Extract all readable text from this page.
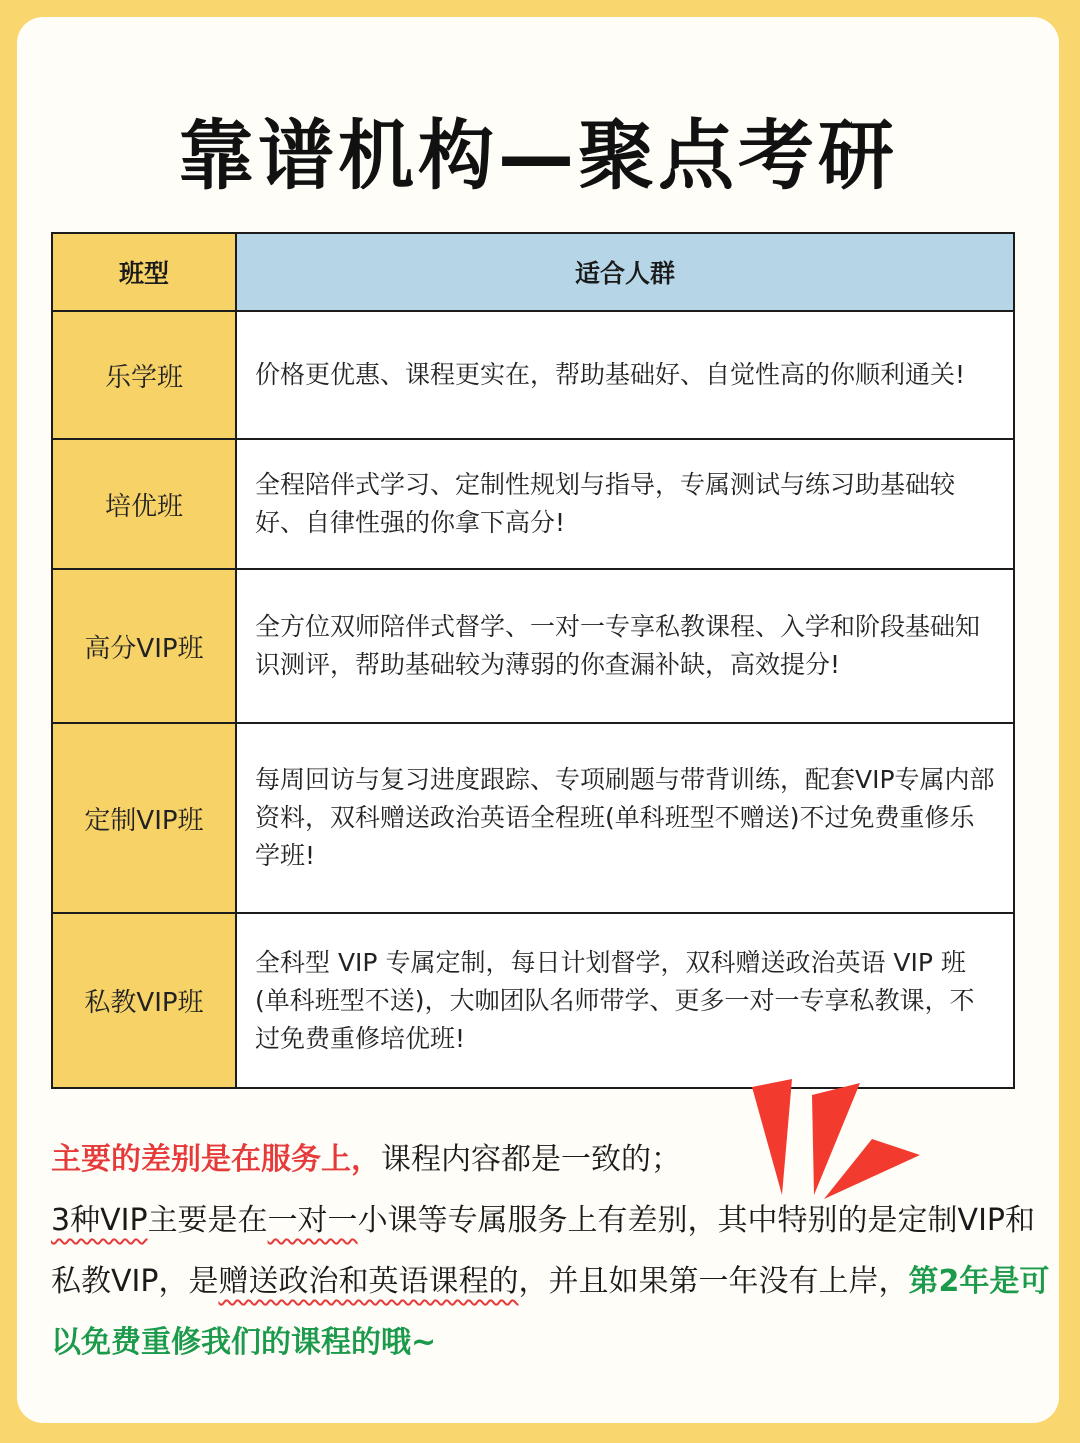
靠谱机构—聚点考研
班型	适合人群
乐学班	价格更优惠、课程更实在，帮助基础好、自觉性高的你顺利通关!
培优班	全程陪伴式学习、定制性规划与指导，专属测试与练习助基础较好、自律性强的你拿下高分!
高分VIP班	全方位双师陪伴式督学、一对一专享私教课程、入学和阶段基础知识测评，帮助基础较为薄弱的你查漏补缺，高效提分!
定制VIP班	每周回访与复习进度跟踪、专项刷题与带背训练，配套VIP专属内部资料，双科赠送政治英语全程班(单科班型不赠送)不过免费重修乐学班!
私教VIP班	全科型 VIP 专属定制，每日计划督学，双科赠送政治英语 VIP 班(单科班型不送)，大咖团队名师带学、更多一对一专享私教课，不过免费重修培优班!
主要的差别是在服务上，课程内容都是一致的；
3种VIP主要是在一对一小课等专属服务上有差别，其中特别的是定制VIP和私教VIP，是赠送政治和英语课程的，并且如果第一年没有上岸，第2年是可以免费重修我们的课程的哦~
